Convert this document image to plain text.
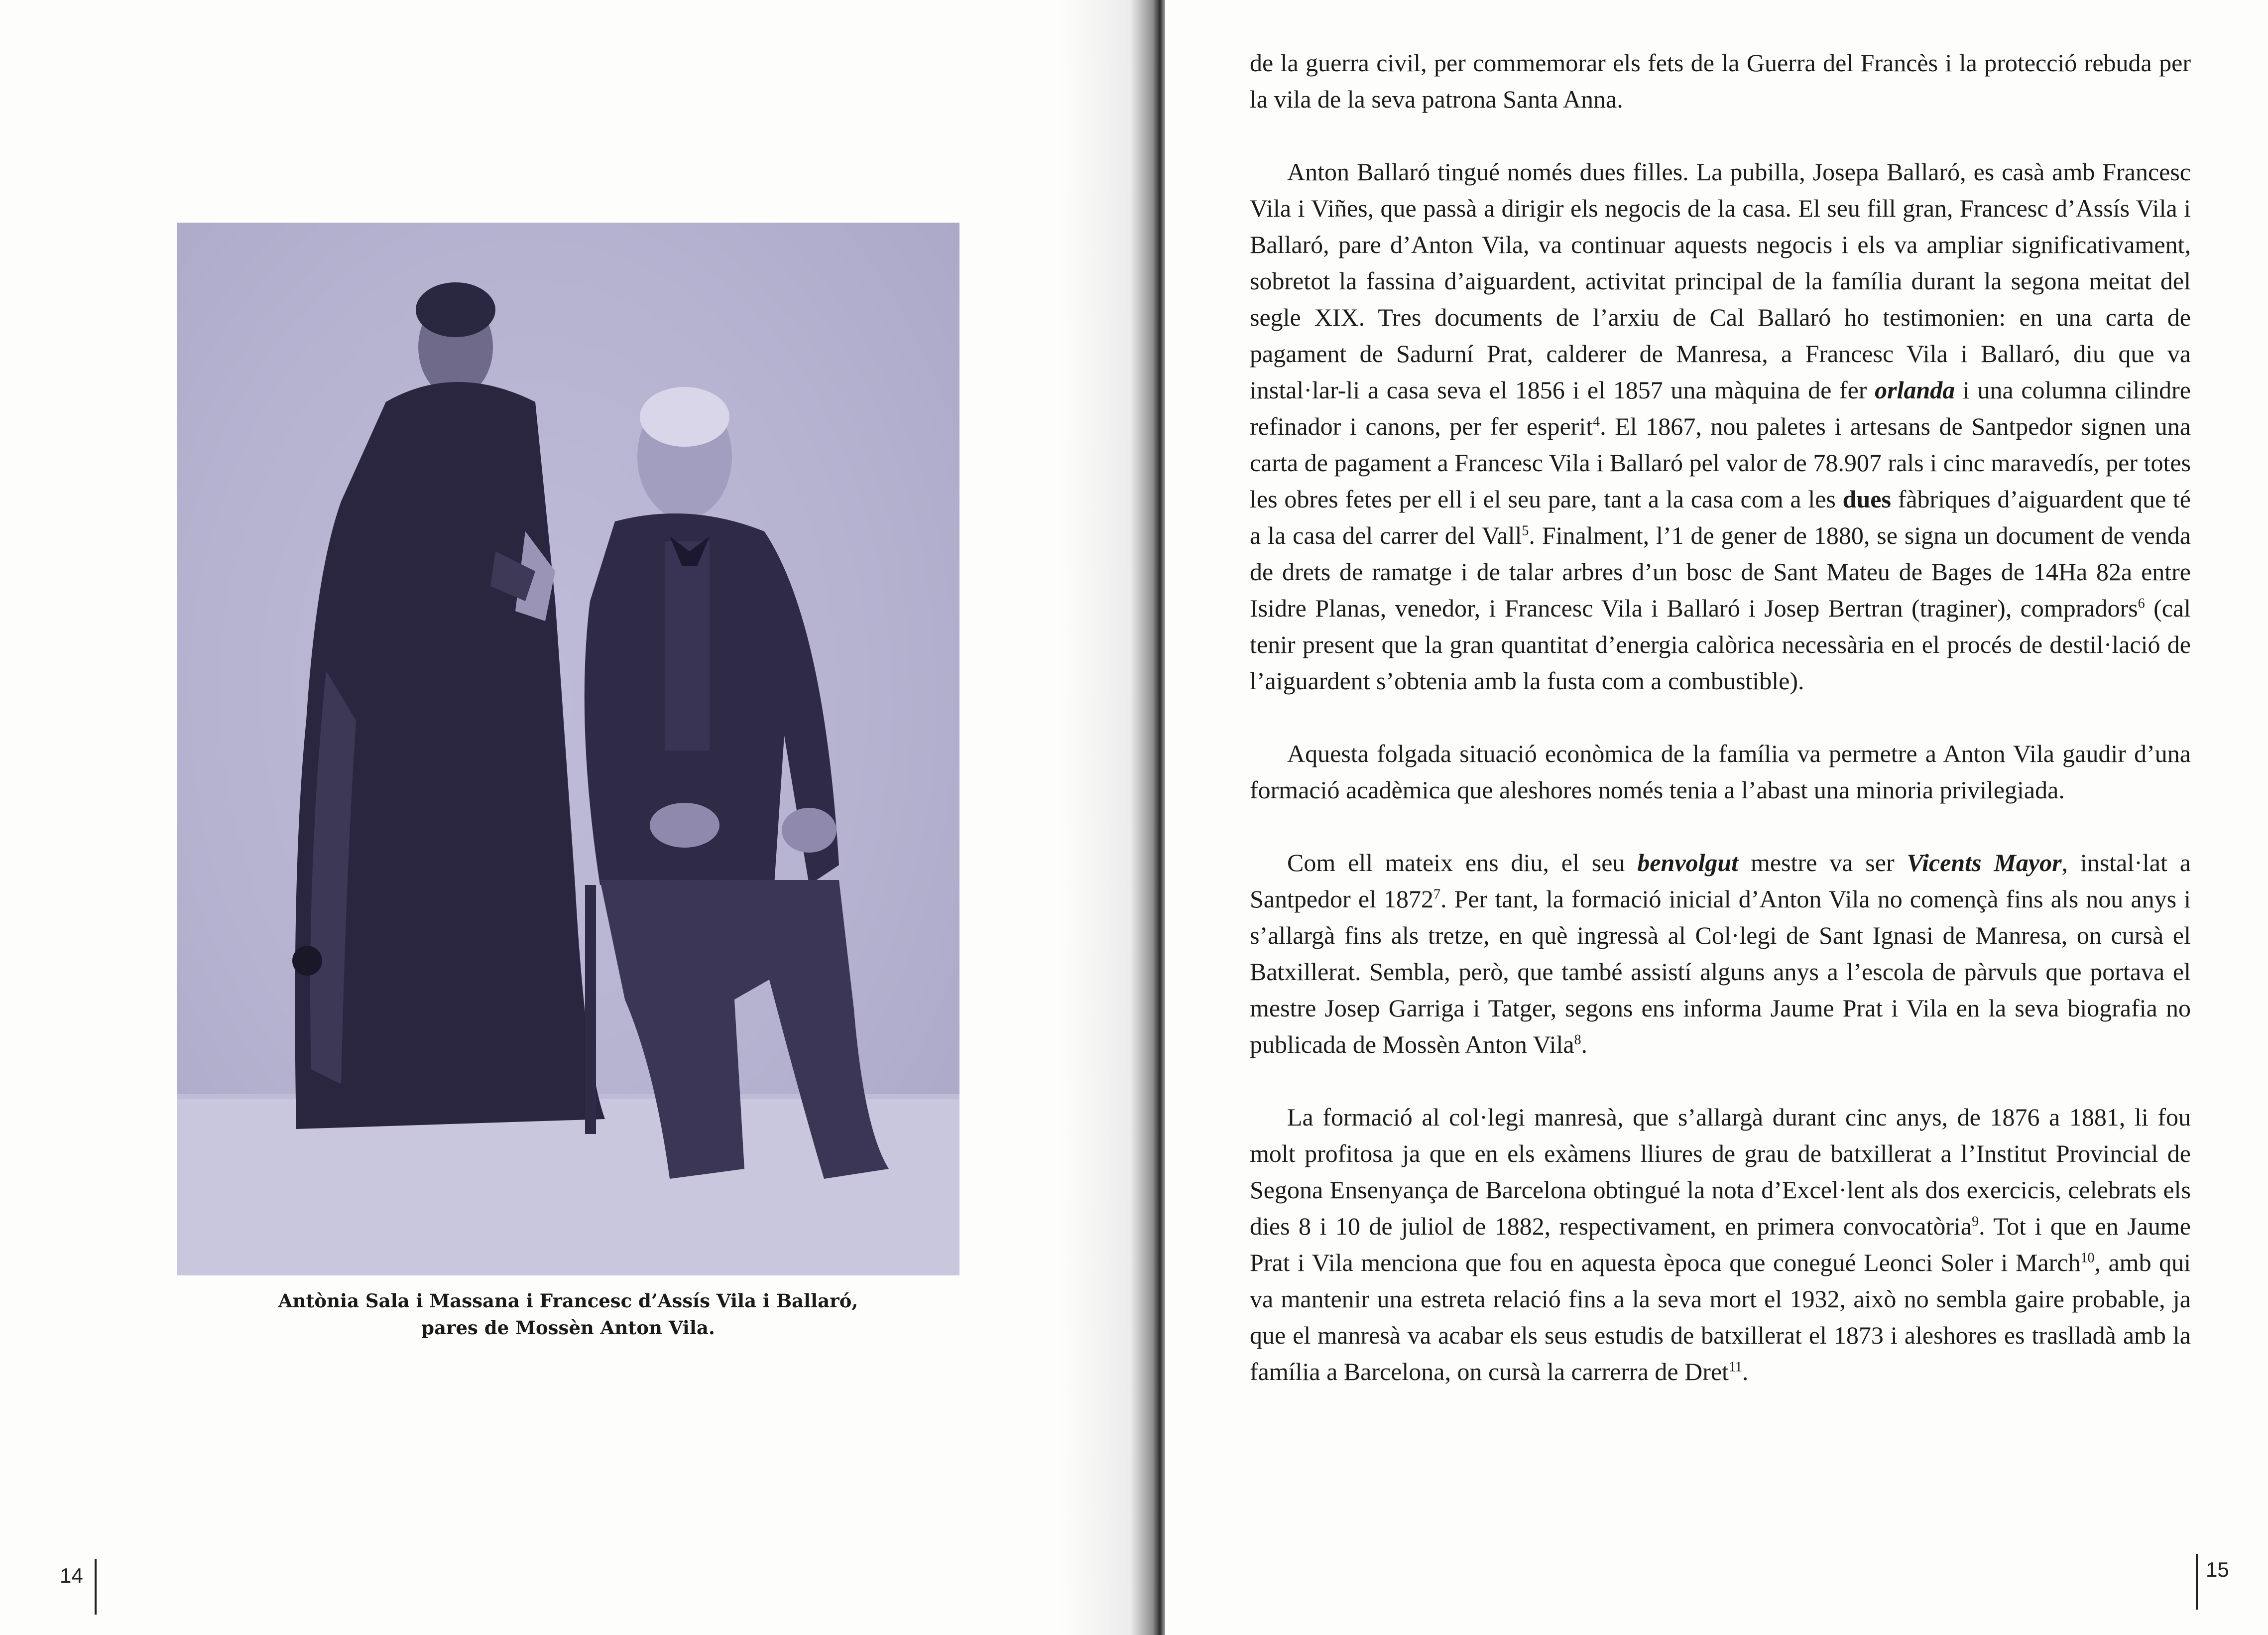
Antònia Sala i Massana i Francesc d’Assís Vila i Ballaró,
pares de Mossèn Anton Vila.
14

de la guerra civil, per commemorar els fets de la Guerra del Francès i la protecció rebuda per la vila de la seva patrona Santa Anna.

Anton Ballaró tingué només dues filles. La pubilla, Josepa Ballaró, es casà amb Francesc Vila i Viñes, que passà a dirigir els negocis de la casa. El seu fill gran, Francesc d’Assís Vila i Ballaró, pare d’Anton Vila, va continuar aquests negocis i els va ampliar significativament, sobretot la fassina d’aiguardent, activitat principal de la família durant la segona meitat del segle XIX. Tres documents de l’arxiu de Cal Ballaró ho testimonien: en una carta de pagament de Sadurní Prat, calderer de Manresa, a Francesc Vila i Ballaró, diu que va instal·lar-li a casa seva el 1856 i el 1857 una màquina de fer orlanda i una columna cilindre refinador i canons, per fer esperit$^4$. El 1867, nou paletes i artesans de Santpedor signen una carta de pagament a Francesc Vila i Ballaró pel valor de 78.907 rals i cinc maravedís, per totes les obres fetes per ell i el seu pare, tant a la casa com a les dues fàbriques d’aiguardent que té a la casa del carrer del Vall$^5$. Finalment, l’1 de gener de 1880, se signa un document de venda de drets de ramatge i de talar arbres d’un bosc de Sant Mateu de Bages de 14Ha 82a entre Isidre Planas, venedor, i Francesc Vila i Ballaró i Josep Bertran (traginer), compradors$^6$ (cal tenir present que la gran quantitat d’energia calòrica necessària en el procés de destil·lació de l’aiguardent s’obtenia amb la fusta com a combustible).

Aquesta folgada situació econòmica de la família va permetre a Anton Vila gaudir d’una formació acadèmica que aleshores només tenia a l’abast una minoria privilegiada.

Com ell mateix ens diu, el seu benvolgut mestre va ser Vicents Mayor, instal·lat a Santpedor el 1872$^7$. Per tant, la formació inicial d’Anton Vila no començà fins als nou anys i s’allargà fins als tretze, en què ingressà al Col·legi de Sant Ignasi de Manresa, on cursà el Batxillerat. Sembla, però, que també assistí alguns anys a l’escola de pàrvuls que portava el mestre Josep Garriga i Tatger, segons ens informa Jaume Prat i Vila en la seva biografia no publicada de Mossèn Anton Vila$^8$.

La formació al col·legi manresà, que s’allargà durant cinc anys, de 1876 a 1881, li fou molt profitosa ja que en els exàmens lliures de grau de batxillerat a l’Institut Provincial de Segona Ensenyança de Barcelona obtingué la nota d’Excel·lent als dos exercicis, celebrats els dies 8 i 10 de juliol de 1882, respectivament, en primera convocatòria$^9$. Tot i que en Jaume Prat i Vila menciona que fou en aquesta època que conegué Leonci Soler i March$^{10}$, amb qui va mantenir una estreta relació fins a la seva mort el 1932, això no sembla gaire probable, ja que el manresà va acabar els seus estudis de batxillerat el 1873 i aleshores es traslladà amb la família a Barcelona, on cursà la carrerra de Dret$^{11}$.

15
